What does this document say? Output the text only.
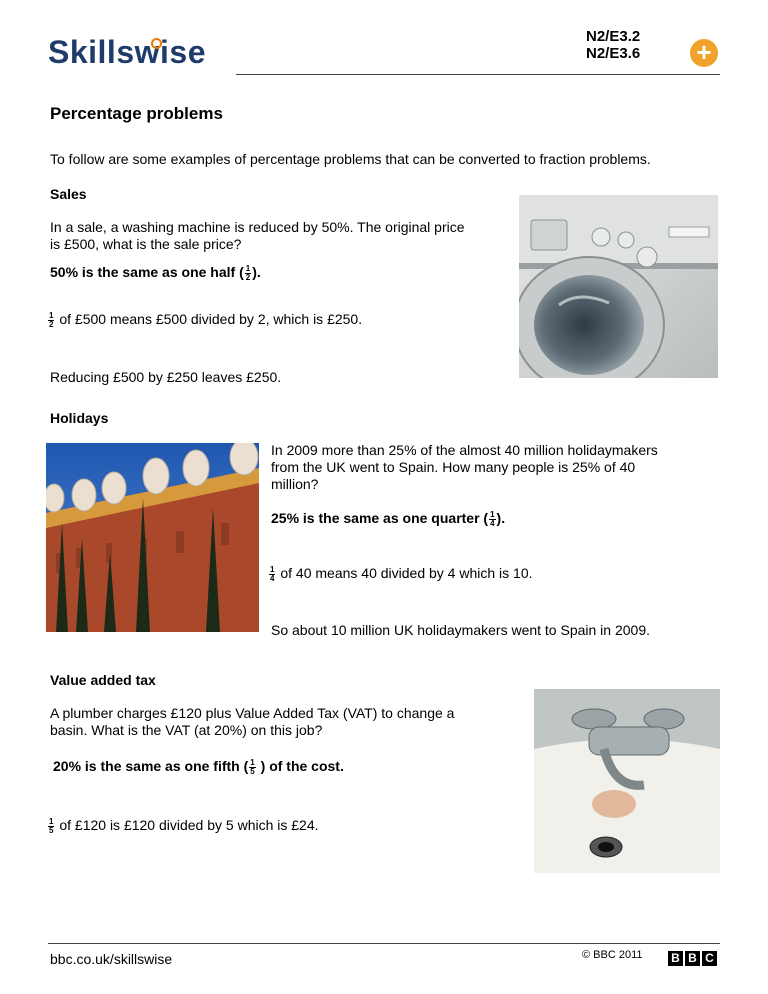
Skillswise	N2/E3.2
N2/E3.6 +
Percentage problems
To follow are some examples of percentage problems that can be converted to fraction problems.
Sales
In a sale, a washing machine is reduced by 50%. The original price
is £500, what is the sale price?
50% is the same as one half ( $\frac{1}{2}$ ).
$\frac{1}{2}$ of £500 means £500 divided by 2, which is £250.
Reducing £500 by £250 leaves £250.
Holidays
In 2009 more than 25% of the almost 40 million holidaymakers
from the UK went to Spain. How many people is 25% of 40
million?
25% is the same as one quarter ( $\frac{1}{4}$ ).
$\frac{1}{4}$ of 40 means 40 divided by 4 which is 10.
So about 10 million UK holidaymakers went to Spain in 2009.
Value added tax
A plumber charges £120 plus Value Added Tax (VAT) to change a
basin. What is the VAT (at 20%) on this job?
20% is the same as one fifth ( $\frac{1}{5}$ ) of the cost.
$\frac{1}{5}$ of £120 is £120 divided by 5 which is £24.
bbc.co.uk/skillswise	© BBC 2011 B B C
